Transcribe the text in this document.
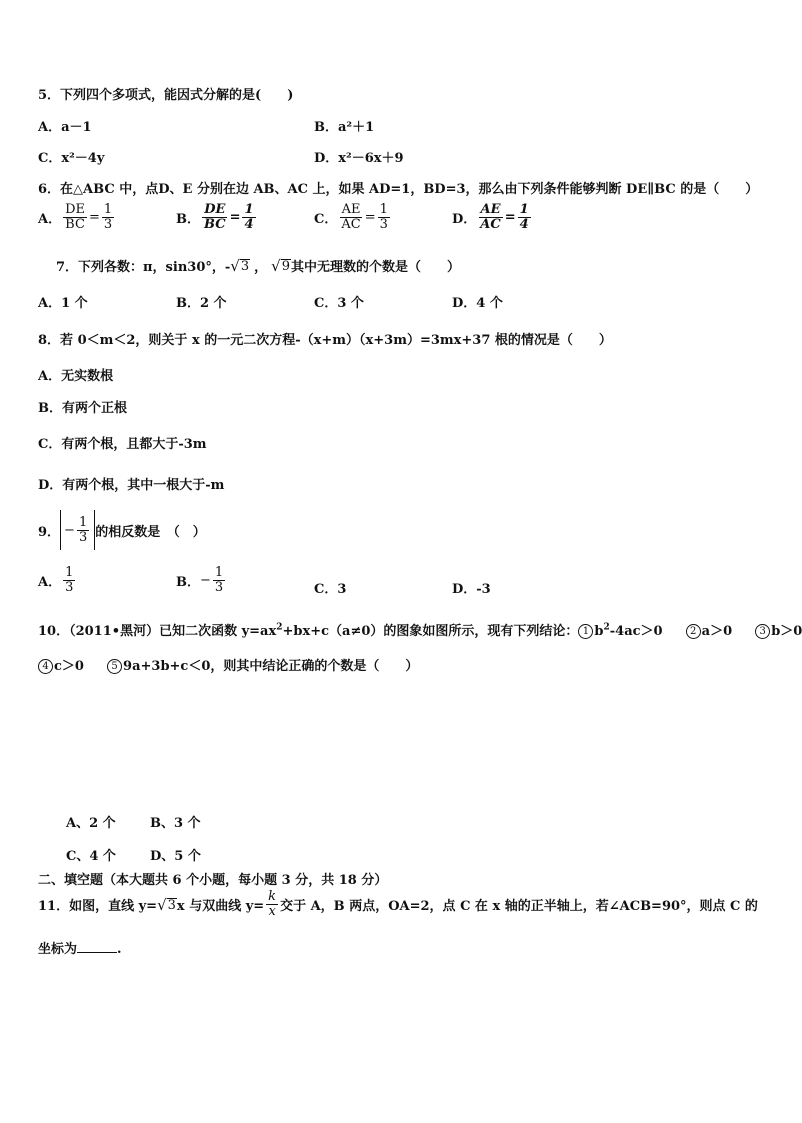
5．下列四个多项式，能因式分解的是(　　)
A．a－1	B．a²＋1
C．x²－4y	D．x²－6x＋9
6．在△ABC 中，点D、E 分别在边 AB、AC 上，如果 AD=1，BD=3，那么由下列条件能够判断 DE∥BC 的是（　　）
A． $\frac{DE}{BC} = \frac{1}{3}$	B． $\frac{DE}{BC} = \frac{1}{4}$	C． $\frac{AE}{AC} = \frac{1}{3}$	D． $\frac{AE}{AC} = \frac{1}{4}$
7．下列各数：π，sin30°，- √ 3 ， √ 9 其中无理数的个数是（　　）
A．1 个	B．2 个	C．3 个	D．4 个
8．若 0＜m＜2，则关于 x 的一元二次方程-（x+m）（x+3m）=3mx+37 根的情况是（　　）
A．无实数根
B．有两个正根
C．有两个根，且都大于-3m
D．有两个根，其中一根大于-m
9． − $\frac{1}{3}$ 的相反数是　（　）
A． $\frac{1}{3}$	B． − $\frac{1}{3}$	C．3	D．-3
10．（2011•黑河）已知二次函数 $y=ax^2+bx+c(a\ne 0)$的图象如图所示，现有下列结论： 1 $b^2-4ac>0$	2 a＞0	3 b＞0
4 c＞0	5 9a+3b+c＜0，则其中结论正确的个数是（　　）
A、2 个	B、3 个
C、4 个	D、5 个
二、填空题（本大题共 6 个小题，每小题 3 分，共 18 分）
11．如图，直线 y= √ 3 x 与双曲线 $y= \frac{k}{x}$ 交于 A，B 两点，OA=2，点 C 在 x 轴的正半轴上，若∠ACB=90°，则点 C 的
坐标为	.
